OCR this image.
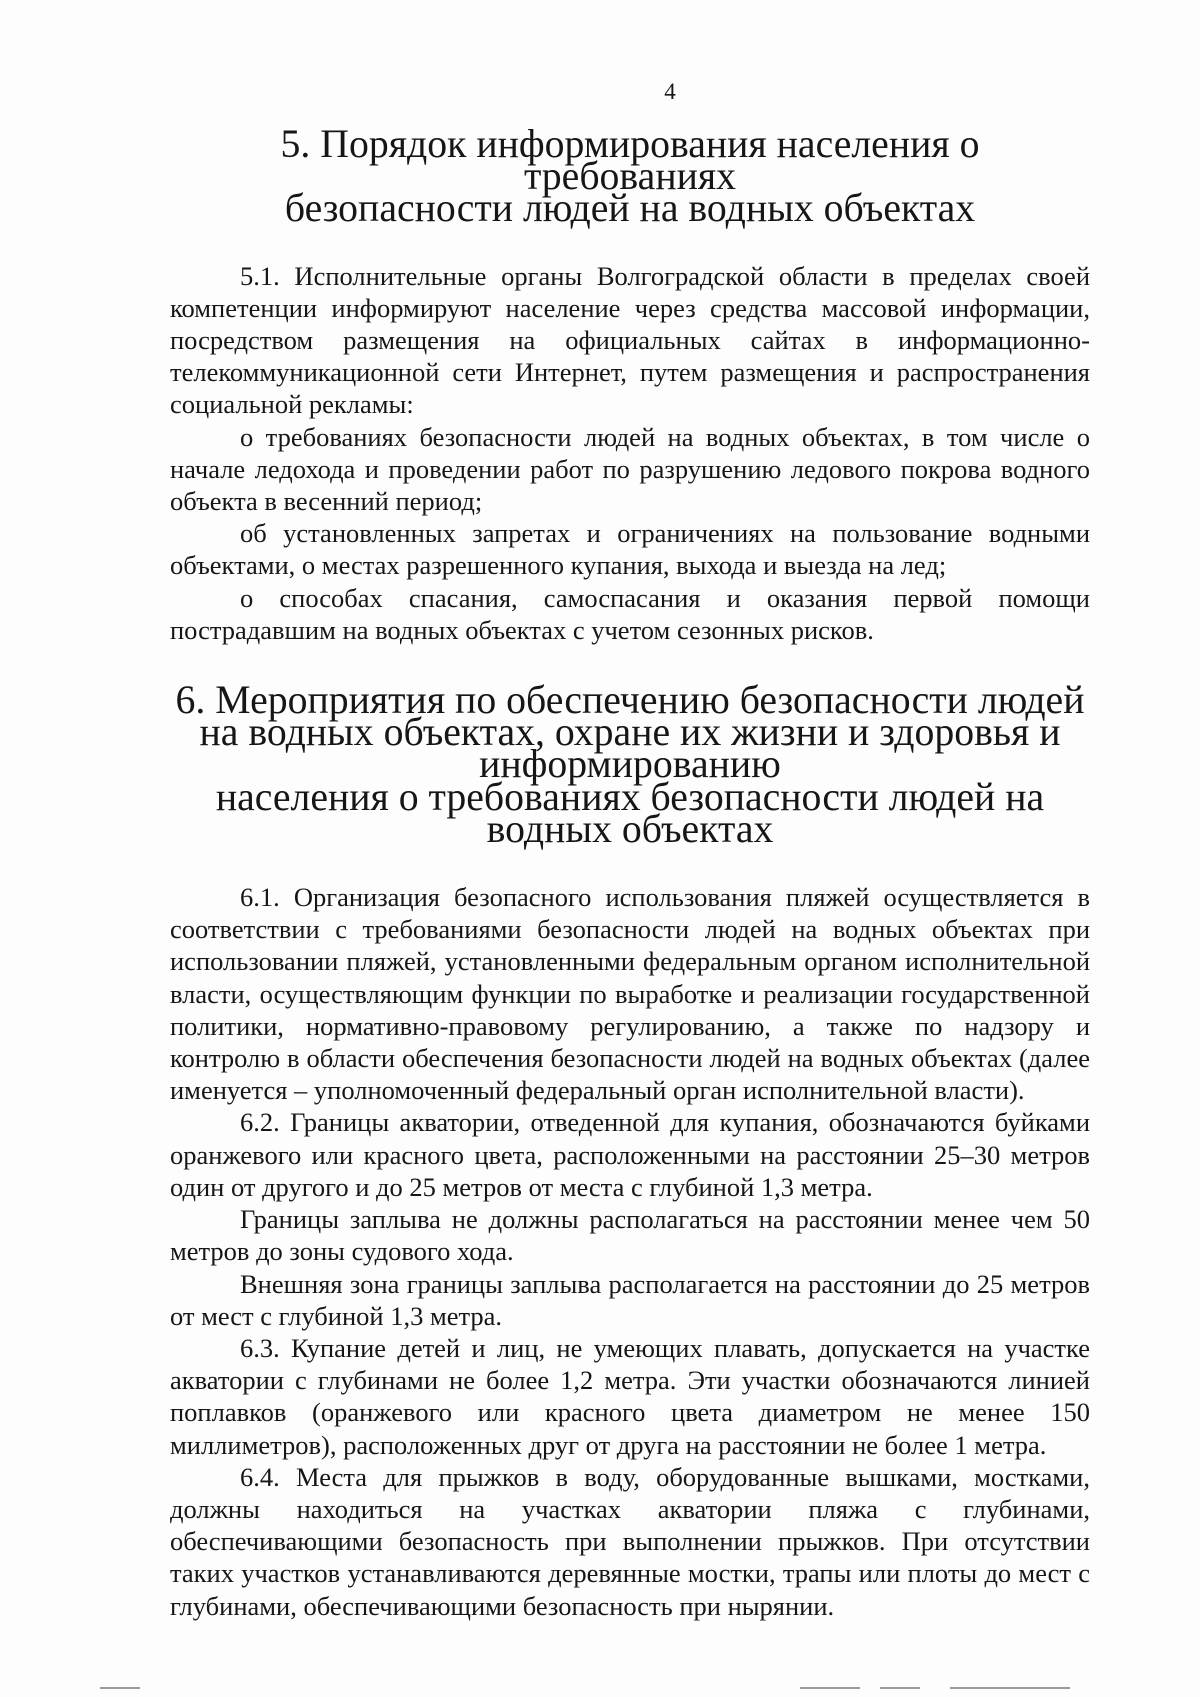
4
5. Порядок информирования населения о требованиях
безопасности людей на водных объектах

5.1. Исполнительные органы Волгоградской области в пределах своей компетенции информируют население через средства массовой информации, посредством размещения на официальных сайтах в информационно-телекоммуникационной сети Интернет, путем размещения и распространения социальной рекламы:

о требованиях безопасности людей на водных объектах, в том числе о начале ледохода и проведении работ по разрушению ледового покрова водного объекта в весенний период;

об установленных запретах и ограничениях на пользование водными объектами, о местах разрешенного купания, выхода и выезда на лед;

о способах спасания, самоспасания и оказания первой помощи пострадавшим на водных объектах с учетом сезонных рисков.

6. Мероприятия по обеспечению безопасности людей
на водных объектах, охране их жизни и здоровья и информированию
населения о требованиях безопасности людей на водных объектах

6.1. Организация безопасного использования пляжей осуществляется в соответствии с требованиями безопасности людей на водных объектах при использовании пляжей, установленными федеральным органом исполнительной власти, осуществляющим функции по выработке и реализации государственной политики, нормативно-правовому регулированию, а также по надзору и контролю в области обеспечения безопасности людей на водных объектах (далее именуется – уполномоченный федеральный орган исполнительной власти).

6.2. Границы акватории, отведенной для купания, обозначаются буйками оранжевого или красного цвета, расположенными на расстоянии 25–30 метров один от другого и до 25 метров от места с глубиной 1,3 метра.

Границы заплыва не должны располагаться на расстоянии менее чем 50 метров до зоны судового хода.

Внешняя зона границы заплыва располагается на расстоянии до 25 метров от мест с глубиной 1,3 метра.

6.3. Купание детей и лиц, не умеющих плавать, допускается на участке акватории с глубинами не более 1,2 метра. Эти участки обозначаются линией поплавков (оранжевого или красного цвета диаметром не менее 150 миллиметров), расположенных друг от друга на расстоянии не более 1 метра.

6.4. Места для прыжков в воду, оборудованные вышками, мостками, должны находиться на участках акватории пляжа с глубинами, обеспечивающими безопасность при выполнении прыжков. При отсутствии таких участков устанавливаются деревянные мостки, трапы или плоты до мест с глубинами, обеспечивающими безопасность при нырянии.
